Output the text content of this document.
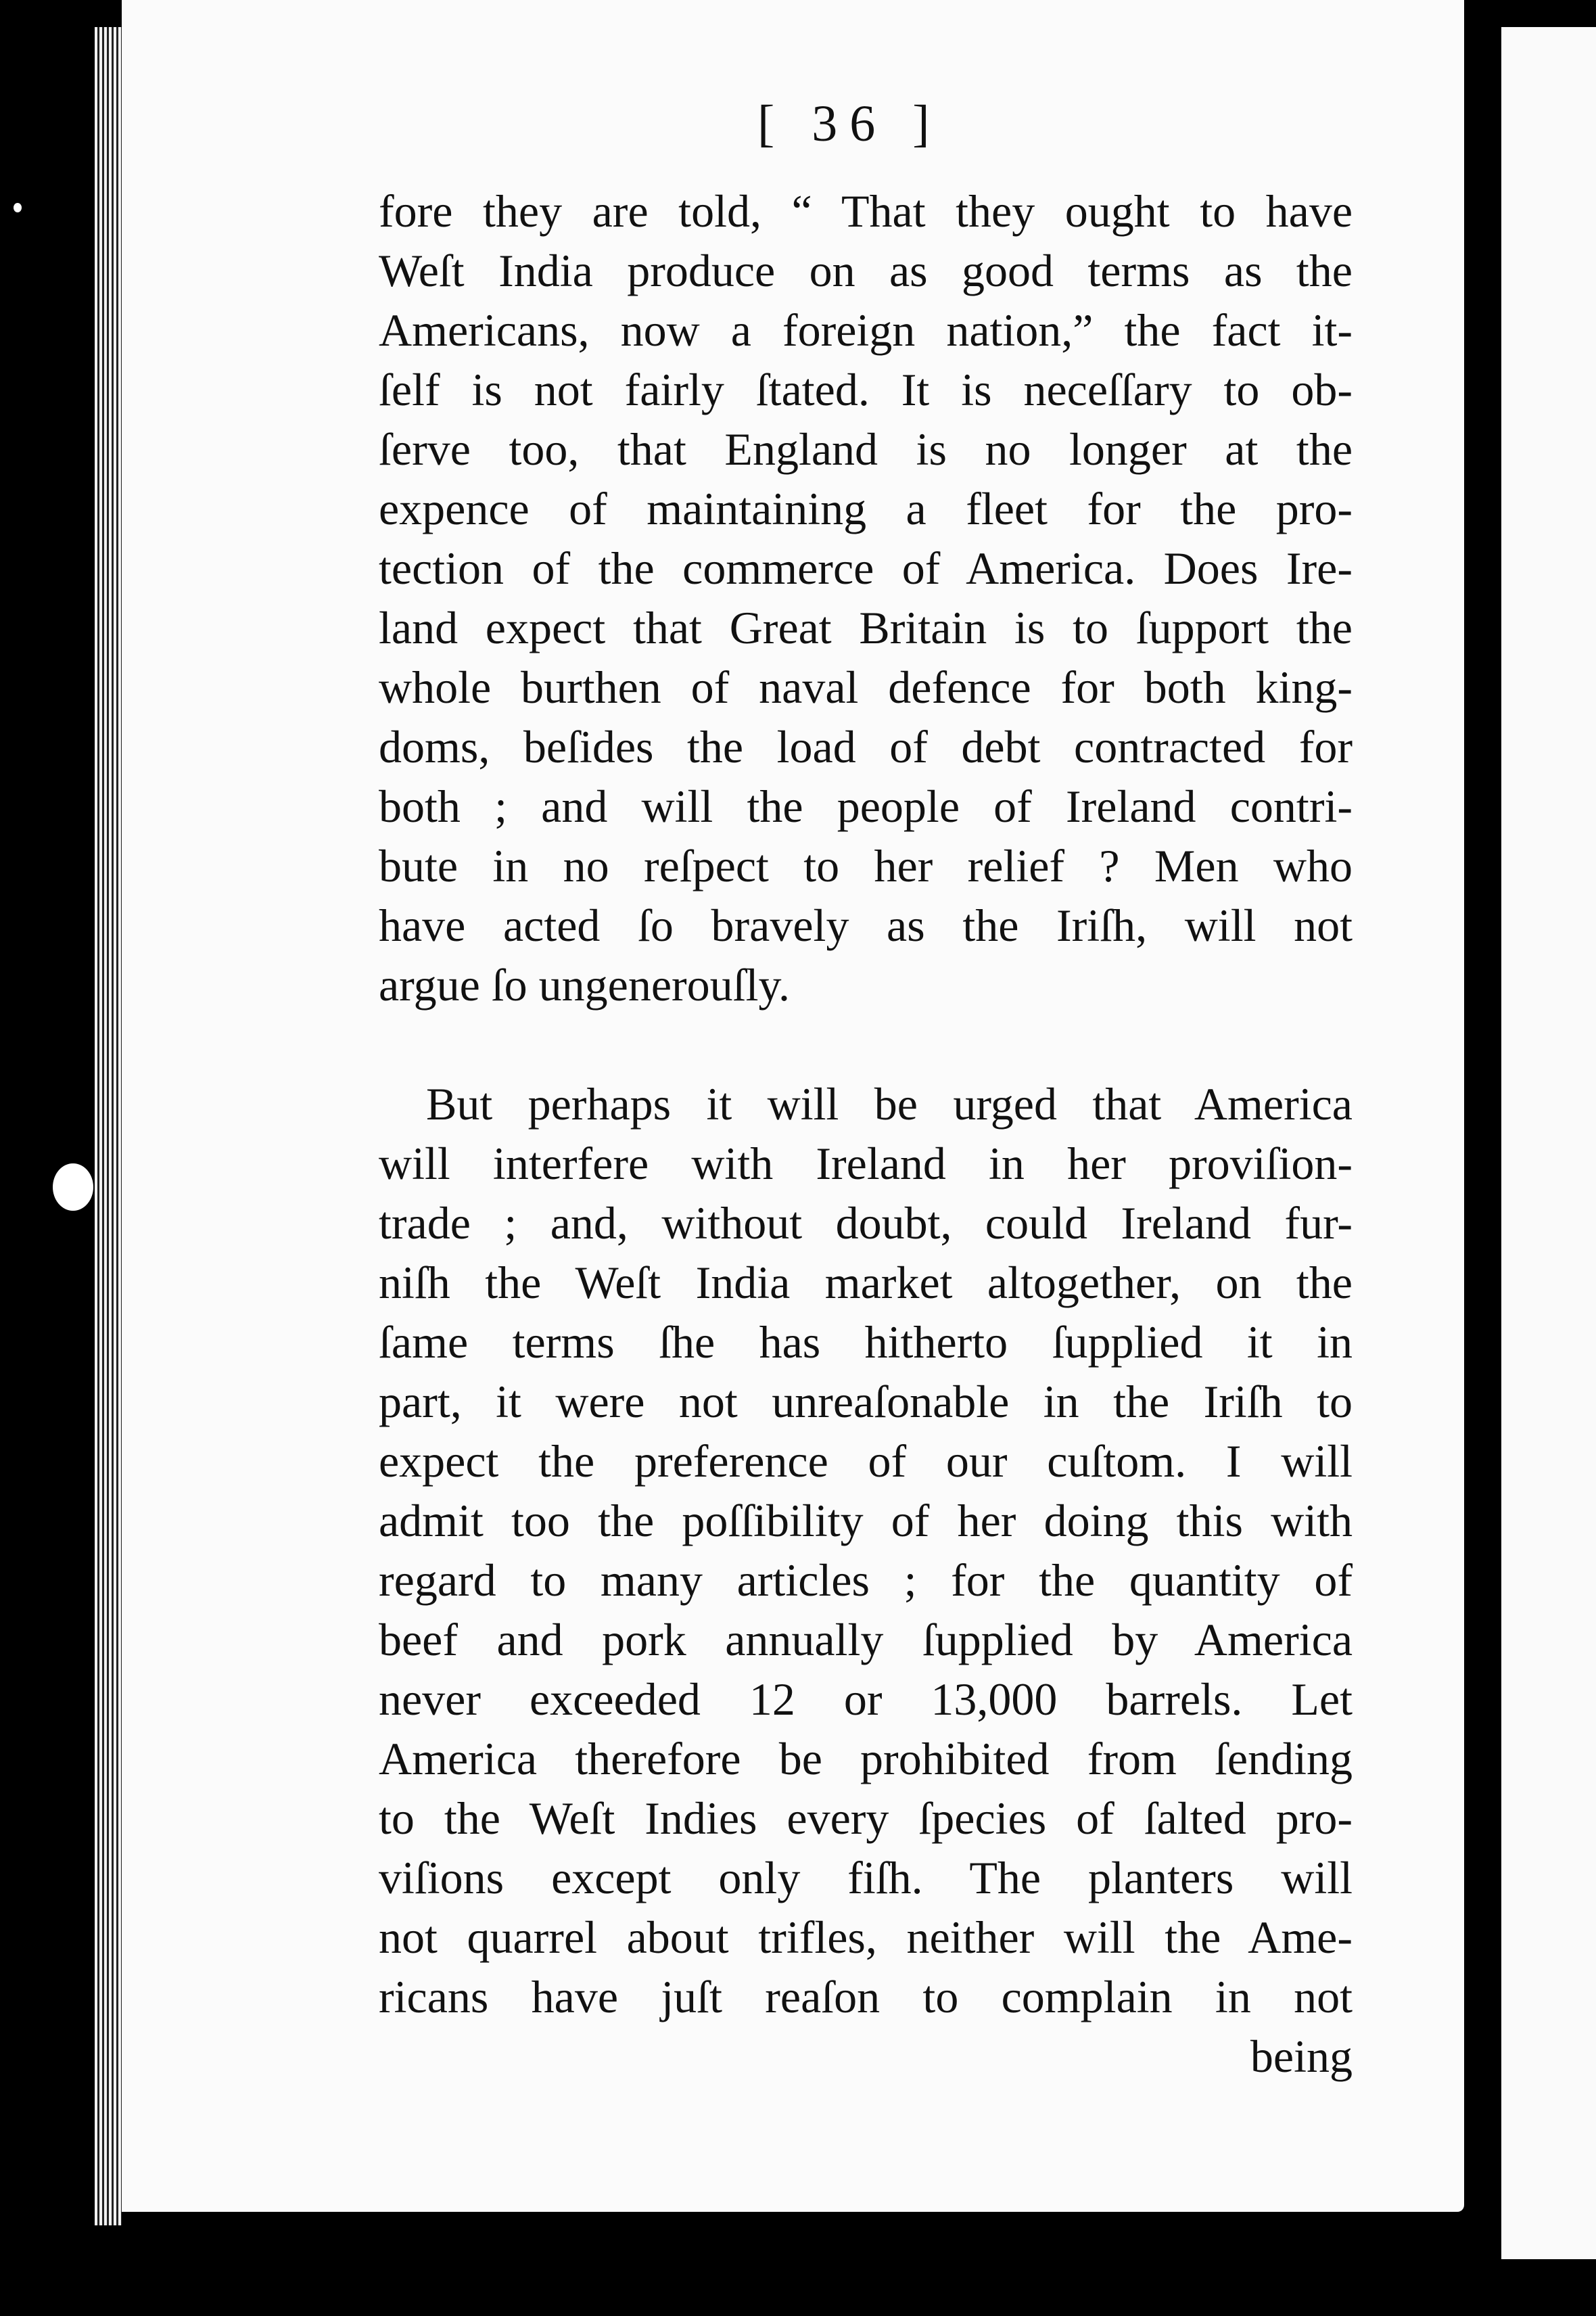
[ 36 ]
fore they are told, “ That they ought to have
Weſt India produce on as good terms as the
Americans, now a foreign nation,” the fact it-
ſelf is not fairly ſtated. It is neceſſary to ob-
ſerve too, that England is no longer at the
expence of maintaining a fleet for the pro-
tection of the commerce of America. Does Ire-
land expect that Great Britain is to ſupport the
whole burthen of naval defence for both king-
doms, beſides the load of debt contracted for
both ; and will the people of Ireland contri-
bute in no reſpect to her relief ? Men who
have acted ſo bravely as the Iriſh, will not
argue ſo ungenerouſly.
But perhaps it will be urged that America
will interfere with Ireland in her proviſion-
trade ; and, without doubt, could Ireland fur-
niſh the Weſt India market altogether, on the
ſame terms ſhe has hitherto ſupplied it in
part, it were not unreaſonable in the Iriſh to
expect the preference of our cuſtom. I will
admit too the poſſibility of her doing this with
regard to many articles ; for the quantity of
beef and pork annually ſupplied by America
never exceeded 12 or 13,000 barrels. Let
America therefore be prohibited from ſending
to the Weſt Indies every ſpecies of ſalted pro-
viſions except only fiſh. The planters will
not quarrel about trifles, neither will the Ame-
ricans have juſt reaſon to complain in not
being
